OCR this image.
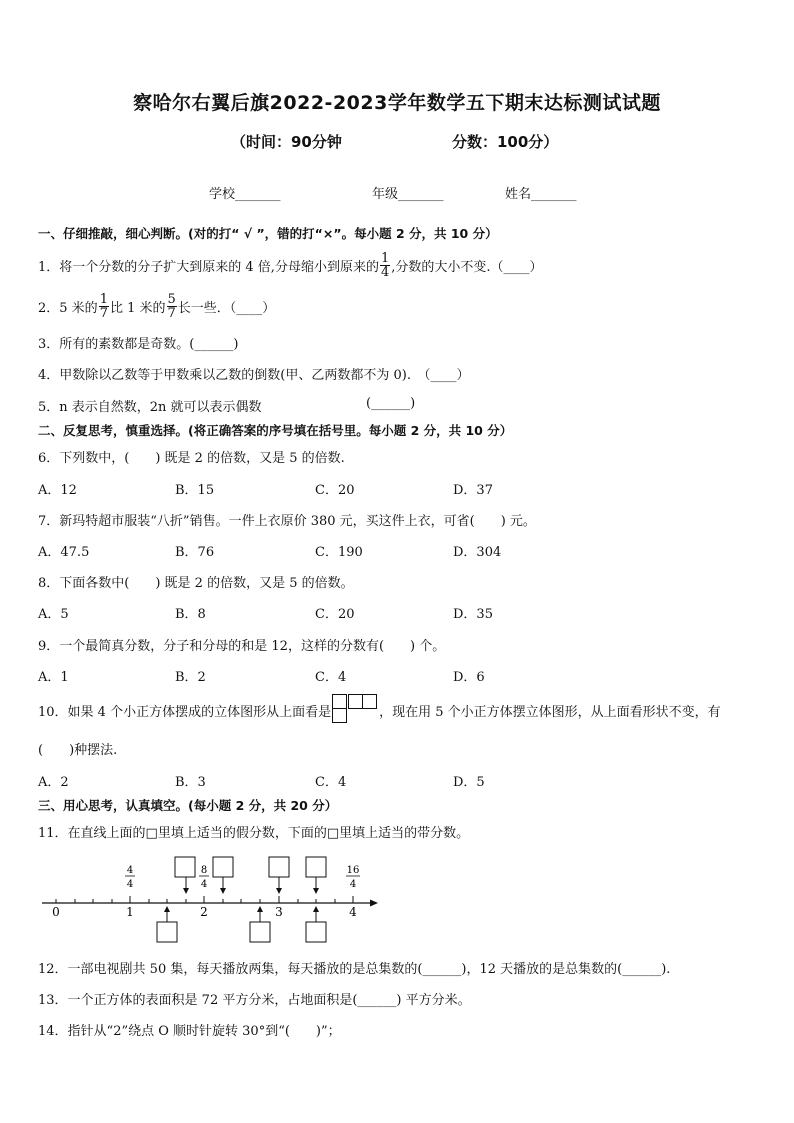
察哈尔右翼后旗2022-2023学年数学五下期末达标测试试题
（时间：90分钟	分数：100分）
学校_______	年级_______	姓名_______
一、仔细推敲，细心判断。(对的打“ √ ”，错的打“×”。每小题 2 分，共 10 分）
1．将一个分数的分子扩大到原来的 4 倍,分母缩小到原来的 $\frac{1}{4}$ ,分数的大小不变.（____）
2．5 米的 $\frac{1}{7}$ 比 1 米的 $\frac{5}{7}$ 长一些．（____）
3．所有的素数都是奇数。(______)
4．甲数除以乙数等于甲数乘以乙数的倒数(甲、乙两数都不为 0).　（____）
5．n 表示自然数，2n 就可以表示偶数	(______)
二、反复思考，慎重选择。(将正确答案的序号填在括号里。每小题 2 分，共 10 分）
6．下列数中，(　　) 既是 2 的倍数，又是 5 的倍数.
A．12	B．15	C．20	D．37
7．新玛特超市服装“八折”销售。一件上衣原价 380 元，买这件上衣，可省(　　) 元。
A．47.5	B．76	C．190	D．304
8．下面各数中(　　) 既是 2 的倍数，又是 5 的倍数。
A．5	B．8	C．20	D．35
9．一个最简真分数，分子和分母的和是 12，这样的分数有(　　) 个。
A．1	B．2	C．4	D．6
10．如果 4 个小正方体摆成的立体图形从上面看是	，现在用 5 个小正方体摆立体图形，从上面看形状不变，有
(　　)种摆法.
A．2	B．3	C．4	D．5
三、用心思考，认真填空。(每小题 2 分，共 20 分）
11．在直线上面的□里填上适当的假分数，下面的□里填上适当的带分数。
0	1	2	3	4
4
4
8
4
16
4
12．一部电视剧共 50 集，每天播放两集，每天播放的是总集数的(______)，12 天播放的是总集数的(______).
13．一个正方体的表面积是 72 平方分米，占地面积是(______) 平方分米。
14．指针从“2”绕点 O 顺时针旋转 30°到“(　　)”；
